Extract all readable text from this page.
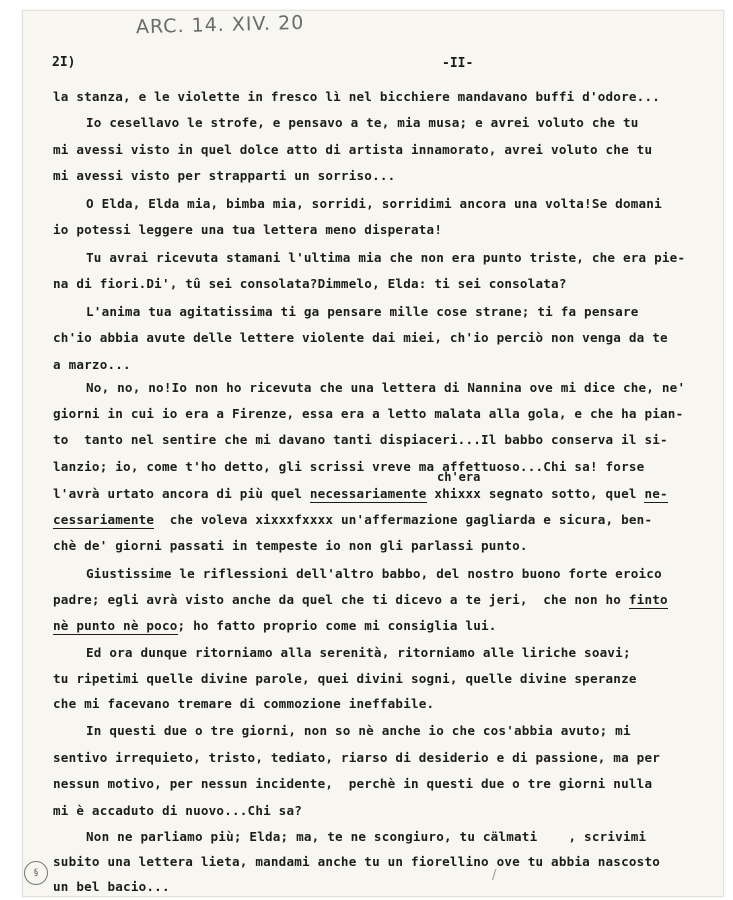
ARC. 14. XIV. 20
2I)	-II-
ch'era
la stanza, e le violette in fresco lì nel bicchiere mandavano buffi d'odore...
Io cesellavo le strofe, e pensavo a te, mia musa; e avrei voluto che tu
mi avessi visto in quel dolce atto di artista innamorato, avrei voluto che tu
mi avessi visto per strapparti un sorriso...
O Elda, Elda mia, bimba mia, sorridi, sorridimi ancora una volta!Se domani
io potessi leggere una tua lettera meno disperata!
Tu avrai ricevuta stamani l'ultima mia che non era punto triste, che era pie-
na di fiori.Di', tû sei consolata?Dimmelo, Elda: ti sei consolata?
L'anima tua agitatissima ti ga pensare mille cose strane; ti fa pensare
ch'io abbia avute delle lettere violente dai miei, ch'io perciò non venga da te
a marzo...
No, no, no!Io non ho ricevuta che una lettera di Nannina ove mi dice che, ne'
giorni in cui io era a Firenze, essa era a letto malata alla gola, e che ha pian-
to  tanto nel sentire che mi davano tanti dispiaceri...Il babbo conserva il si-
lanzio; io, come t'ho detto, gli scrissi vreve ma affettuoso...Chi sa! forse
l'avrà urtato ancora di più quel necessariamente xhixxx segnato sotto, quel ne-
cessariamente  che voleva xixxxfxxxx un'affermazione gagliarda e sicura, ben-
chè de' giorni passati in tempeste io non gli parlassi punto.
Giustissime le riflessioni dell'altro babbo, del nostro buono forte eroico
padre; egli avrà visto anche da quel che ti dicevo a te jeri,  che non ho finto
nè punto nè poco; ho fatto proprio come mi consiglia lui.
Ed ora dunque ritorniamo alla serenità, ritorniamo alle liriche soavi;
tu ripetimi quelle divine parole, quei divini sogni, quelle divine speranze
che mi facevano tremare di commozione ineffabile.
In questi due o tre giorni, non so nè anche io che cos'abbia avuto; mi
sentivo irrequieto, tristo, tediato, riarso di desiderio e di passione, ma per
nessun motivo, per nessun incidente,  perchè in questi due o tre giorni nulla
mi è accaduto di nuovo...Chi sa?
Non ne parliamo più; Elda; ma, te ne scongiuro, tu cälmati    , scrivimi
subito una lettera lieta, mandami anche tu un fiorellino ove tu abbia nascosto
un bel bacio...
§	/
